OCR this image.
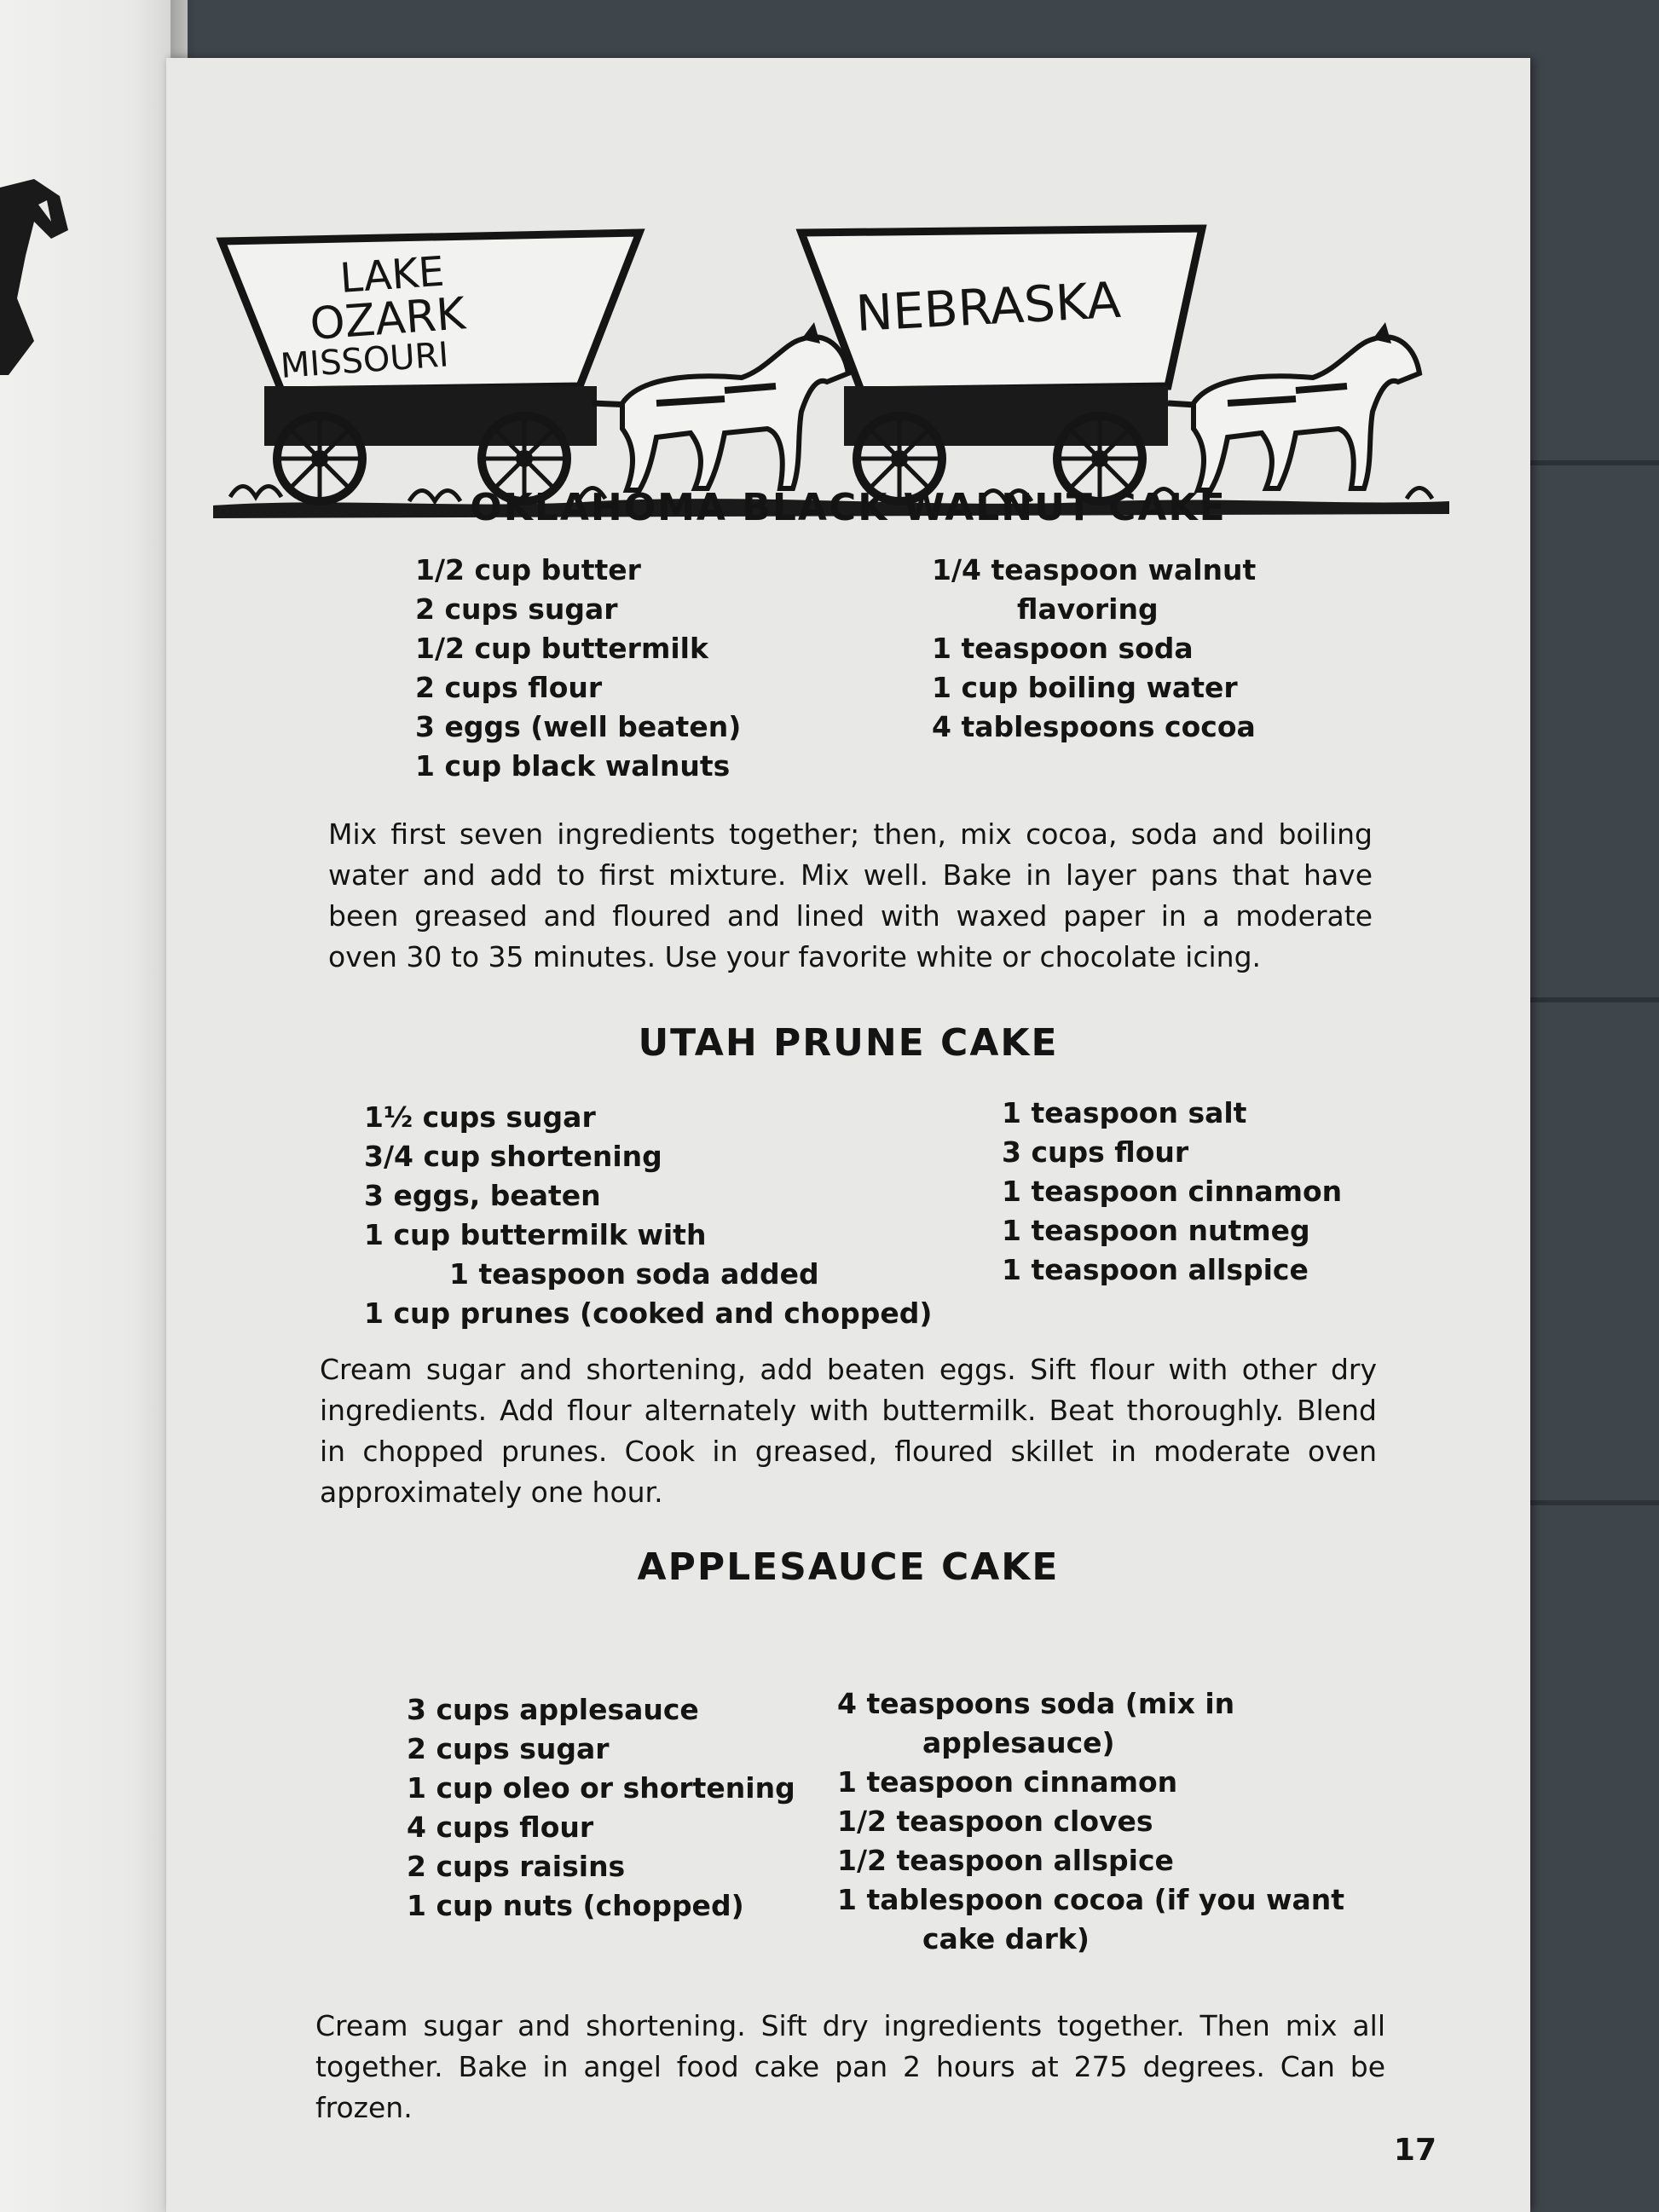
LAKE
OZARK
MISSOURI
NEBRASKA
OKLAHOMA BLACK WALNUT CAKE
1/2 cup butter
2 cups sugar
1/2 cup buttermilk
2 cups flour
3 eggs (well beaten)
1 cup black walnuts
1/4 teaspoon walnut
flavoring
1 teaspoon soda
1 cup boiling water
4 tablespoons cocoa
Mix first seven ingredients together; then, mix cocoa, soda and boiling water and add to first mixture. Mix well. Bake in layer pans that have been greased and floured and lined with waxed paper in a moderate oven 30 to 35 minutes. Use your favorite white or chocolate icing.
UTAH PRUNE CAKE
1½ cups sugar
3/4 cup shortening
3 eggs, beaten
1 cup buttermilk with
1 teaspoon soda added
1 cup prunes (cooked and chopped)
1 teaspoon salt
3 cups flour
1 teaspoon cinnamon
1 teaspoon nutmeg
1 teaspoon allspice
Cream sugar and shortening, add beaten eggs. Sift flour with other dry ingredients. Add flour alternately with buttermilk. Beat thoroughly. Blend in chopped prunes. Cook in greased, floured skillet in moderate oven approximately one hour.
APPLESAUCE CAKE
3 cups applesauce
2 cups sugar
1 cup oleo or shortening
4 cups flour
2 cups raisins
1 cup nuts (chopped)
4 teaspoons soda (mix in
applesauce)
1 teaspoon cinnamon
1/2 teaspoon cloves
1/2 teaspoon allspice
1 tablespoon cocoa (if you want
cake dark)
Cream sugar and shortening. Sift dry ingredients together. Then mix all together. Bake in angel food cake pan 2 hours at 275 degrees. Can be frozen.
17
